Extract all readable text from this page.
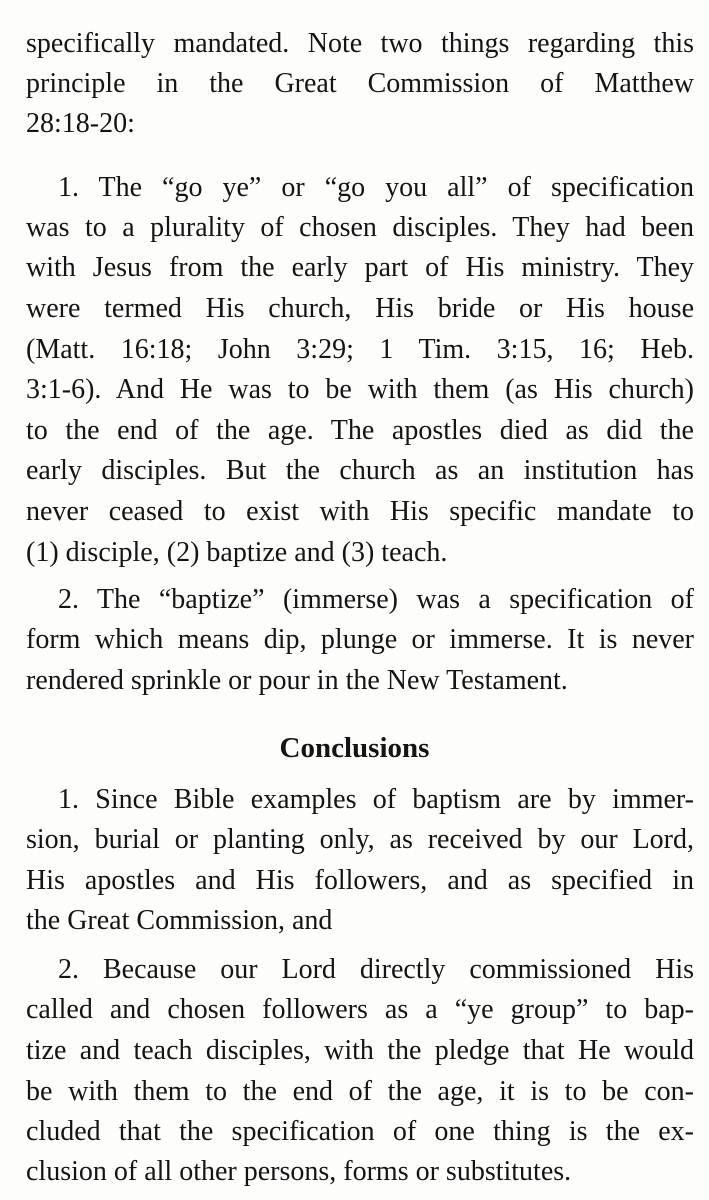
specifically mandated. Note two things regarding this
principle in the Great Commission of Matthew
28:18-20:
1. The “go ye” or “go you all” of specification
was to a plurality of chosen disciples. They had been
with Jesus from the early part of His ministry. They
were termed His church, His bride or His house
(Matt. 16:18; John 3:29; 1 Tim. 3:15, 16; Heb.
3:1-6). And He was to be with them (as His church)
to the end of the age. The apostles died as did the
early disciples. But the church as an institution has
never ceased to exist with His specific mandate to
(1) disciple, (2) baptize and (3) teach.
2. The “baptize” (immerse) was a specification of
form which means dip, plunge or immerse. It is never
rendered sprinkle or pour in the New Testament.
Conclusions
1. Since Bible examples of baptism are by immer-
sion, burial or planting only, as received by our Lord,
His apostles and His followers, and as specified in
the Great Commission, and
2. Because our Lord directly commissioned His
called and chosen followers as a “ye group” to bap-
tize and teach disciples, with the pledge that He would
be with them to the end of the age, it is to be con-
cluded that the specification of one thing is the ex-
clusion of all other persons, forms or substitutes.
